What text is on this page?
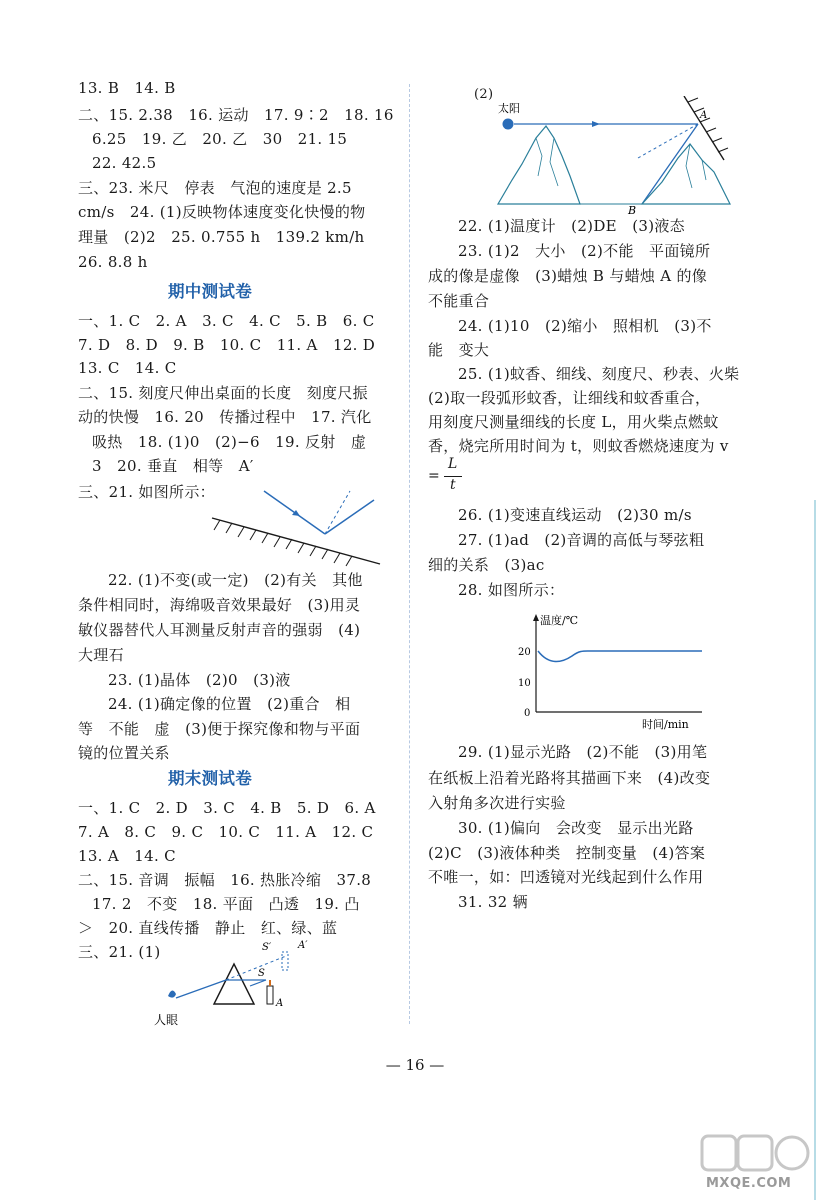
13. B　14. B
二、15. 2.38　16. 运动　17. 9∶2　18. 16
6.25　19. 乙　20. 乙　30　21. 15
22. 42.5
三、23. 米尺　停表　气泡的速度是 2.5
cm/s　24. (1)反映物体速度变化快慢的物
理量　(2)2　25. 0.755 h　139.2 km/h
26. 8.8 h
期中测试卷
一、1. C　2. A　3. C　4. C　5. B　6. C
7. D　8. D　9. B　10. C　11. A　12. D
13. C　14. C
二、15. 刻度尺伸出桌面的长度　刻度尺振
动的快慢　16. 20　传播过程中　17. 汽化
吸热　18. (1)0　(2)−6　19. 反射　虚
3　20. 垂直　相等　A′
三、21. 如图所示：
22. (1)不变(或一定)　(2)有关　其他
条件相同时，海绵吸音效果最好　(3)用灵
敏仪器替代人耳测量反射声音的强弱　(4)
大理石
23. (1)晶体　(2)0　(3)液
24. (1)确定像的位置　(2)重合　相
等　不能　虚　(3)便于探究像和物与平面
镜的位置关系
期末测试卷
一、1. C　2. D　3. C　4. B　5. D　6. A
7. A　8. C　9. C　10. C　11. A　12. C
13. A　14. C
二、15. 音调　振幅　16. 热胀冷缩　37.8
17. 2　不变　18. 平面　凸透　19. 凸
＞　20. 直线传播　静止　红、绿、蓝
三、21. (1)	S′	A′
S
A
人眼
(2)
太阳
A
B
22. (1)温度计　(2)DE　(3)液态
23. (1)2　大小　(2)不能　平面镜所
成的像是虚像　(3)蜡烛 B 与蜡烛 A 的像
不能重合
24. (1)10　(2)缩小　照相机　(3)不
能　变大
25. (1)蚊香、细线、刻度尺、秒表、火柴
(2)取一段弧形蚊香，让细线和蚊香重合，
用刻度尺测量细线的长度 L，用火柴点燃蚊
香，烧完所用时间为 t，则蚊香燃烧速度为 v
=
L
t
26. (1)变速直线运动　(2)30 m/s
27. (1)ad　(2)音调的高低与琴弦粗
细的关系　(3)ac
28. 如图所示：
温度/℃
20
10
0
时间/min
29. (1)显示光路　(2)不能　(3)用笔
在纸板上沿着光路将其描画下来　(4)改变
入射角多次进行实验
30. (1)偏向　会改变　显示出光路
(2)C　(3)液体种类　控制变量　(4)答案
不唯一，如：凹透镜对光线起到什么作用
31. 32 辆
— 16 —
MXQE.COM
